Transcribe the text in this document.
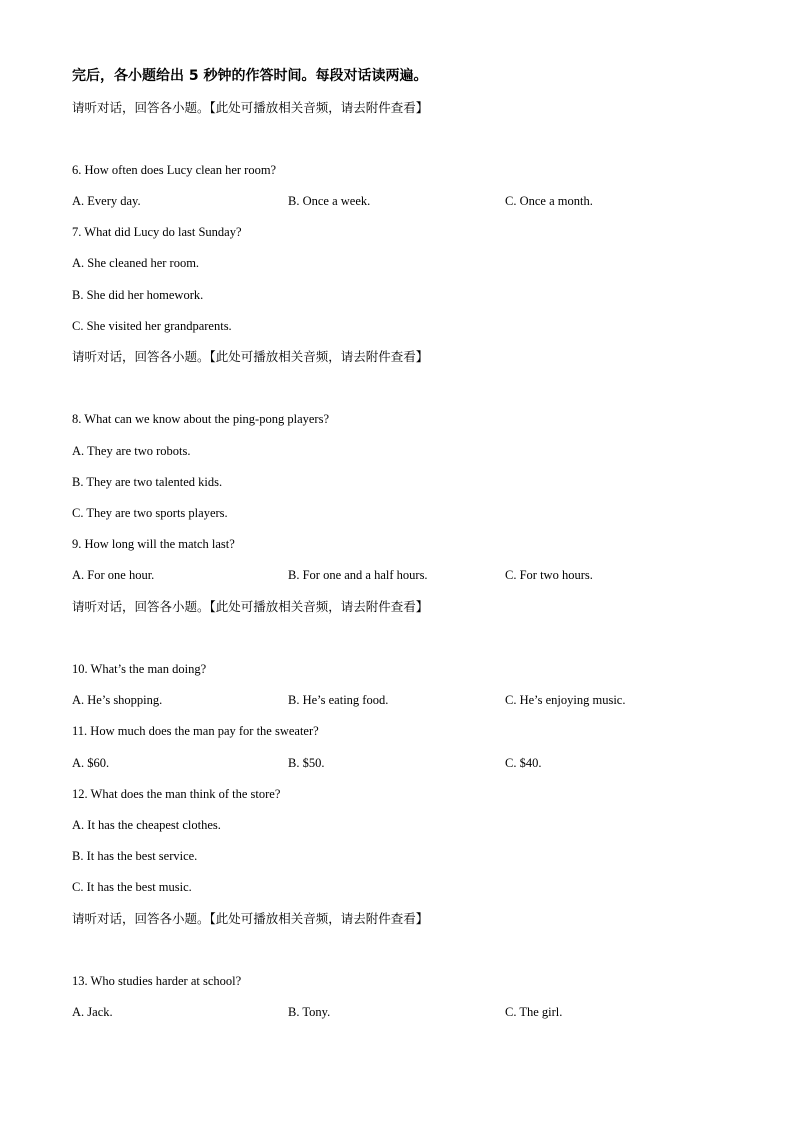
完后，各小题给出 5 秒钟的作答时间。每段对话读两遍。
请听对话，回答各小题。【此处可播放相关音频，请去附件查看】
6. How often does Lucy clean her room?
A. Every day.	B. Once a week.	C. Once a month.
7. What did Lucy do last Sunday?
A. She cleaned her room.
B. She did her homework.
C. She visited her grandparents.
请听对话，回答各小题。【此处可播放相关音频，请去附件查看】
8. What can we know about the ping-pong players?
A. They are two robots.
B. They are two talented kids.
C. They are two sports players.
9. How long will the match last?
A. For one hour.	B. For one and a half hours.	C. For two hours.
请听对话，回答各小题。【此处可播放相关音频，请去附件查看】
10. What’s the man doing?
A. He’s shopping.	B. He’s eating food.	C. He’s enjoying music.
11. How much does the man pay for the sweater?
A. $60.	B. $50.	C. $40.
12. What does the man think of the store?
A. It has the cheapest clothes.
B. It has the best service.
C. It has the best music.
请听对话，回答各小题。【此处可播放相关音频，请去附件查看】
13. Who studies harder at school?
A. Jack.	B. Tony.	C. The girl.
